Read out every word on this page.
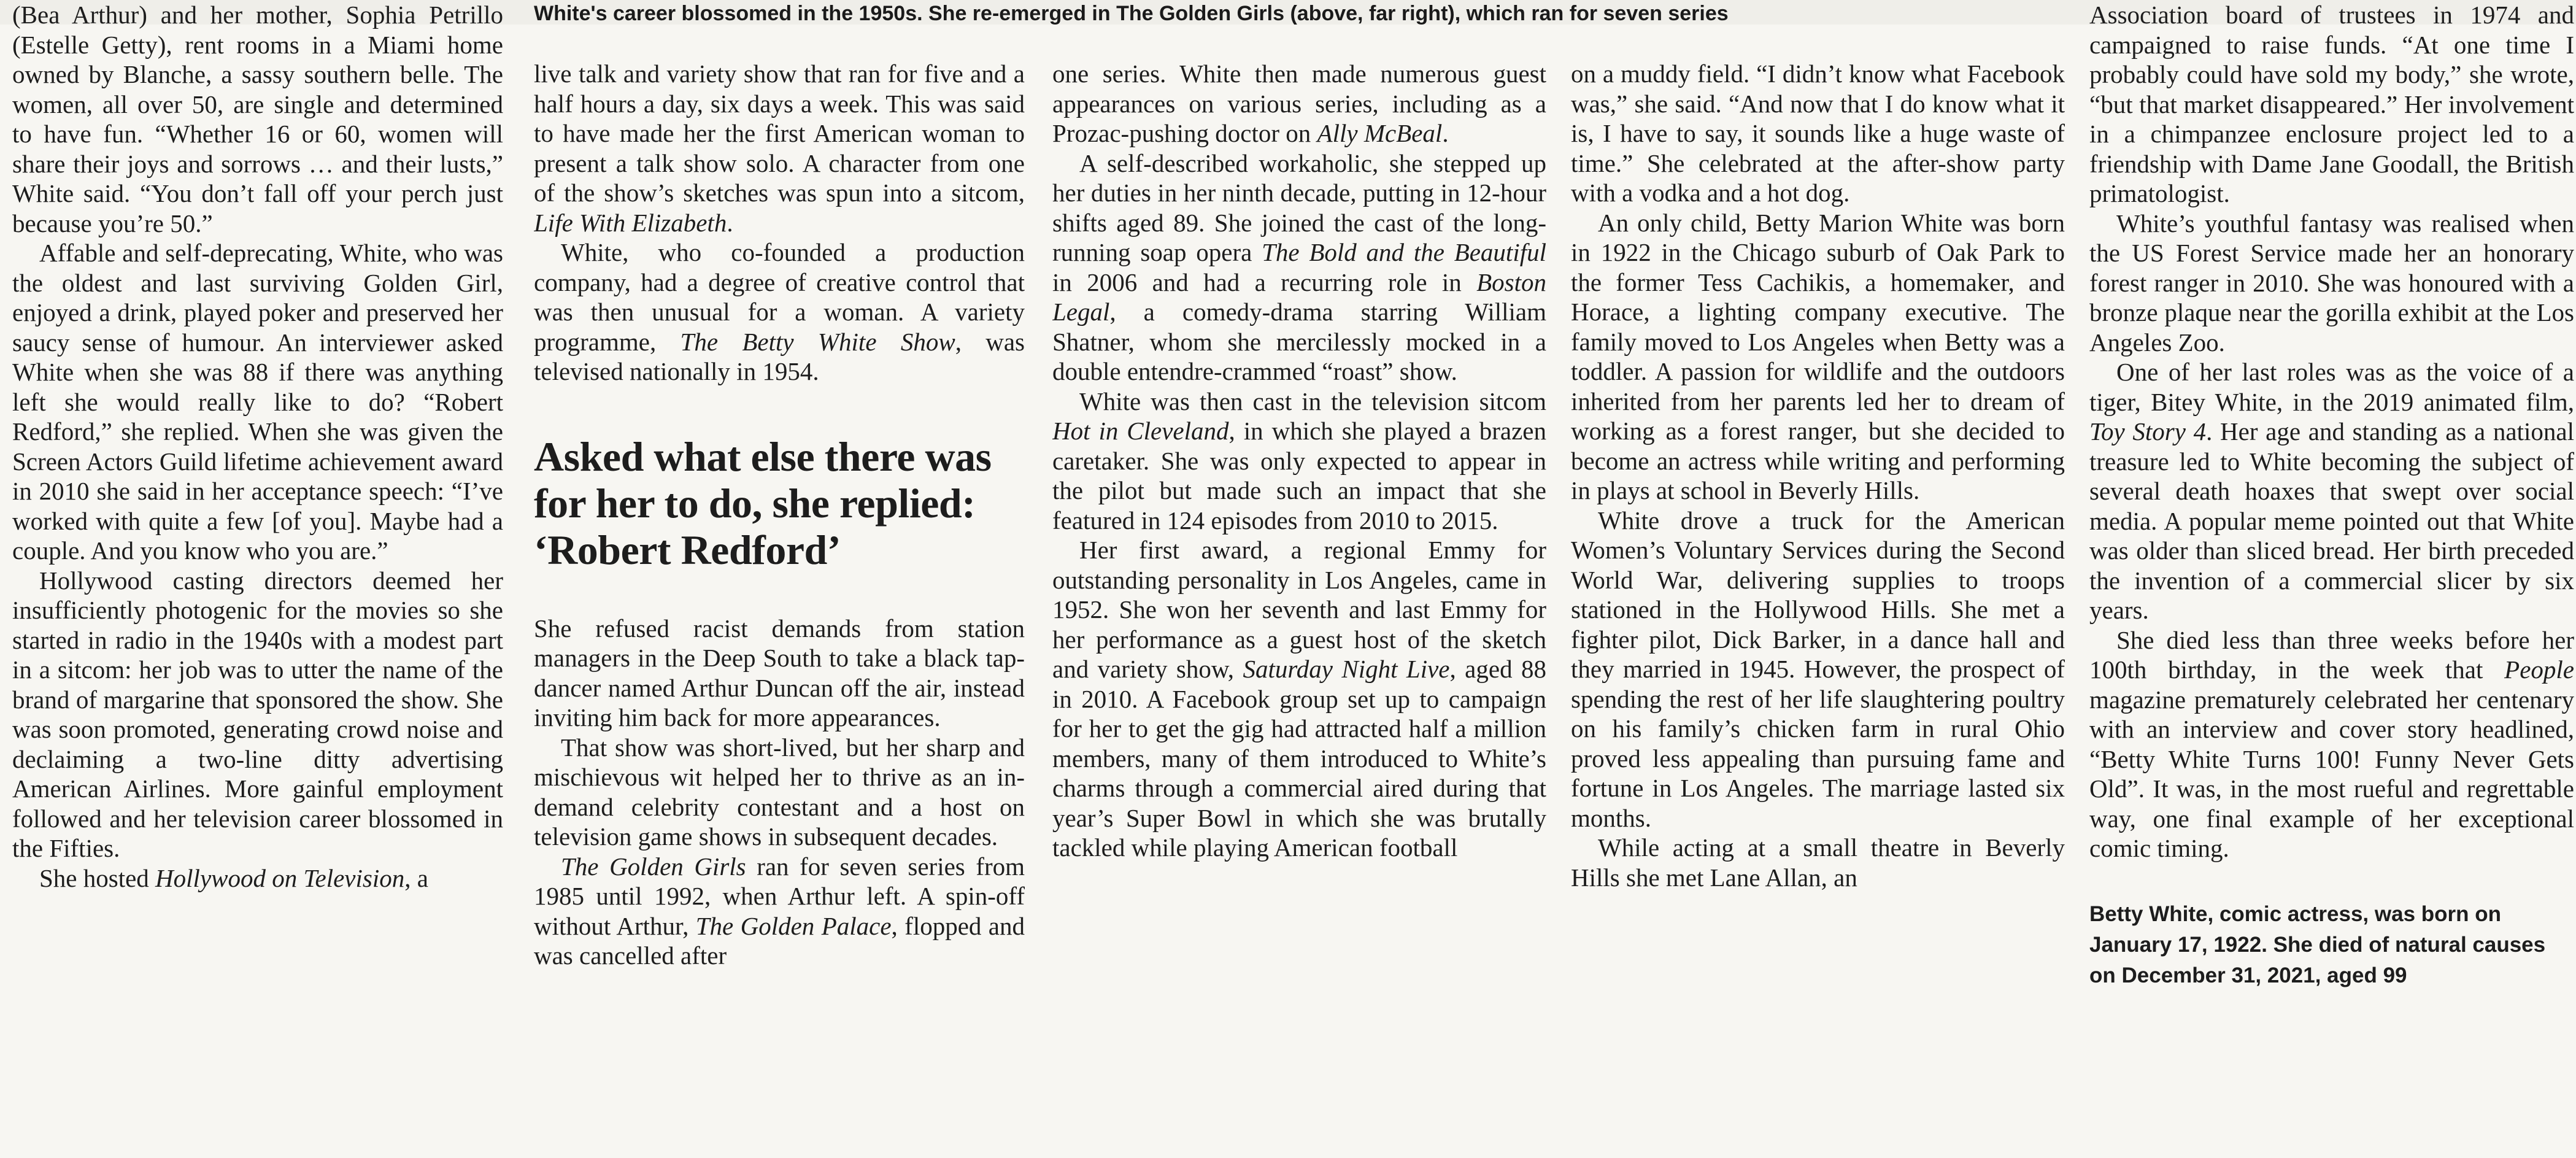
White's career blossomed in the 1950s. She re-emerged in The Golden Girls (above, far right), which ran for seven series

(Bea Arthur) and her mother, Sophia Petrillo (Estelle Getty), rent rooms in a Miami home owned by Blanche, a sassy southern belle. The women, all over 50, are single and determined to have fun. “Whether 16 or 60, women will share their joys and sorrows … and their lusts,” White said. “You don’t fall off your perch just because you’re 50.”

Affable and self-deprecating, White, who was the oldest and last surviving Golden Girl, enjoyed a drink, played poker and preserved her saucy sense of humour. An interviewer asked White when she was 88 if there was anything left she would really like to do? “Robert Redford,” she replied. When she was given the Screen Actors Guild lifetime achievement award in 2010 she said in her acceptance speech: “I’ve worked with quite a few [of you]. Maybe had a couple. And you know who you are.”

Hollywood casting directors deemed her insufficiently photogenic for the movies so she started in radio in the 1940s with a modest part in a sitcom: her job was to utter the name of the brand of margarine that sponsored the show. She was soon promoted, generating crowd noise and declaiming a two-line ditty advertising American Airlines. More gainful employment followed and her television career blossomed in the Fifties.

She hosted Hollywood on Television, a

live talk and variety show that ran for five and a half hours a day, six days a week. This was said to have made her the first American woman to present a talk show solo. A character from one of the show’s sketches was spun into a sitcom, Life With Elizabeth.

White, who co-founded a production company, had a degree of creative control that was then unusual for a woman. A variety programme, The Betty White Show, was televised nationally in 1954.

Asked what else there was for her to do, she replied: ‘Robert Redford’

She refused racist demands from station managers in the Deep South to take a black tap-dancer named Arthur Duncan off the air, instead inviting him back for more appearances.

That show was short-lived, but her sharp and mischievous wit helped her to thrive as an in-demand celebrity contestant and a host on television game shows in subsequent decades.

The Golden Girls ran for seven series from 1985 until 1992, when Arthur left. A spin-off without Arthur, The Golden Palace, flopped and was cancelled after

one series. White then made numerous guest appearances on various series, including as a Prozac-pushing doctor on Ally McBeal.

A self-described workaholic, she stepped up her duties in her ninth decade, putting in 12-hour shifts aged 89. She joined the cast of the long-running soap opera The Bold and the Beautiful in 2006 and had a recurring role in Boston Legal, a comedy-drama starring William Shatner, whom she mercilessly mocked in a double entendre-crammed “roast” show.

White was then cast in the television sitcom Hot in Cleveland, in which she played a brazen caretaker. She was only expected to appear in the pilot but made such an impact that she featured in 124 episodes from 2010 to 2015.

Her first award, a regional Emmy for outstanding personality in Los Angeles, came in 1952. She won her seventh and last Emmy for her performance as a guest host of the sketch and variety show, Saturday Night Live, aged 88 in 2010. A Facebook group set up to campaign for her to get the gig had attracted half a million members, many of them introduced to White’s charms through a commercial aired during that year’s Super Bowl in which she was brutally tackled while playing American football

on a muddy field. “I didn’t know what Facebook was,” she said. “And now that I do know what it is, I have to say, it sounds like a huge waste of time.” She celebrated at the after-show party with a vodka and a hot dog.

An only child, Betty Marion White was born in 1922 in the Chicago suburb of Oak Park to the former Tess Cachikis, a homemaker, and Horace, a lighting company executive. The family moved to Los Angeles when Betty was a toddler. A passion for wildlife and the outdoors inherited from her parents led her to dream of working as a forest ranger, but she decided to become an actress while writing and performing in plays at school in Beverly Hills.

White drove a truck for the American Women’s Voluntary Services during the Second World War, delivering supplies to troops stationed in the Hollywood Hills. She met a fighter pilot, Dick Barker, in a dance hall and they married in 1945. However, the prospect of spending the rest of her life slaughtering poultry on his family’s chicken farm in rural Ohio proved less appealing than pursuing fame and fortune in Los Angeles. The marriage lasted six months.

While acting at a small theatre in Beverly Hills she met Lane Allan, an

Association board of trustees in 1974 and campaigned to raise funds. “At one time I probably could have sold my body,” she wrote, “but that market disappeared.” Her involvement in a chimpanzee enclosure project led to a friendship with Dame Jane Goodall, the British primatologist.

White’s youthful fantasy was realised when the US Forest Service made her an honorary forest ranger in 2010. She was honoured with a bronze plaque near the gorilla exhibit at the Los Angeles Zoo.

One of her last roles was as the voice of a tiger, Bitey White, in the 2019 animated film, Toy Story 4. Her age and standing as a national treasure led to White becoming the subject of several death hoaxes that swept over social media. A popular meme pointed out that White was older than sliced bread. Her birth preceded the invention of a commercial slicer by six years.

She died less than three weeks before her 100th birthday, in the week that People magazine prematurely celebrated her centenary with an interview and cover story headlined, “Betty White Turns 100! Funny Never Gets Old”. It was, in the most rueful and regrettable way, one final example of her exceptional comic timing.

Betty White, comic actress, was born on January 17, 1922. She died of natural causes on December 31, 2021, aged 99
